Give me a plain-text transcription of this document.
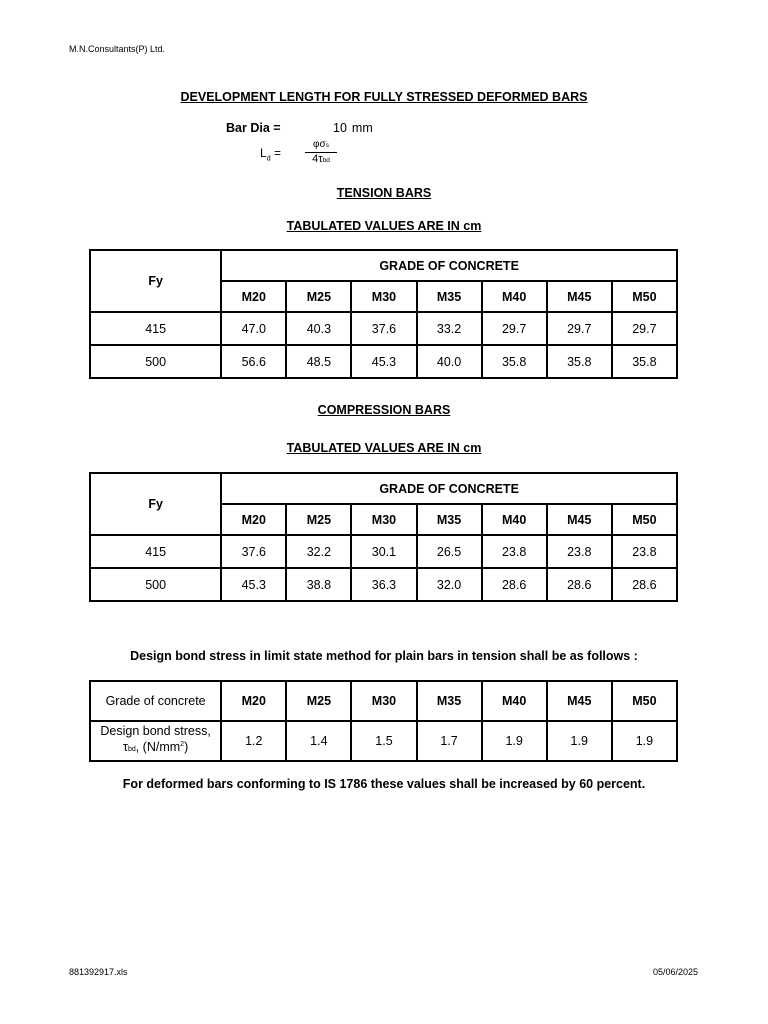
M.N.Consultants(P) Ltd.
DEVELOPMENT LENGTH FOR FULLY STRESSED DEFORMED BARS
Bar Dia =	10 mm
$L_d$ =
φσs
4τbd
TENSION BARS
TABULATED VALUES ARE IN cm
Fy	GRADE OF CONCRETE						
	M20	M25	M30	M35	M40	M45	M50
415	47.0	40.3	37.6	33.2	29.7	29.7	29.7
500	56.6	48.5	45.3	40.0	35.8	35.8	35.8
COMPRESSION BARS
TABULATED VALUES ARE IN cm
Fy	GRADE OF CONCRETE						
	M20	M25	M30	M35	M40	M45	M50
415	37.6	32.2	30.1	26.5	23.8	23.8	23.8
500	45.3	38.8	36.3	32.0	28.6	28.6	28.6
Design bond stress in limit state method for plain bars in tension shall be as follows :
Grade of concrete	M20	M25	M30	M35	M40	M45	M50

Design bond stress,
τbd, $(N/mm^2)$	1.2	1.4	1.5	1.7	1.9	1.9	1.9
For deformed bars conforming to IS 1786 these values shall be increased by 60 percent.
881392917.xls	05/06/2025
